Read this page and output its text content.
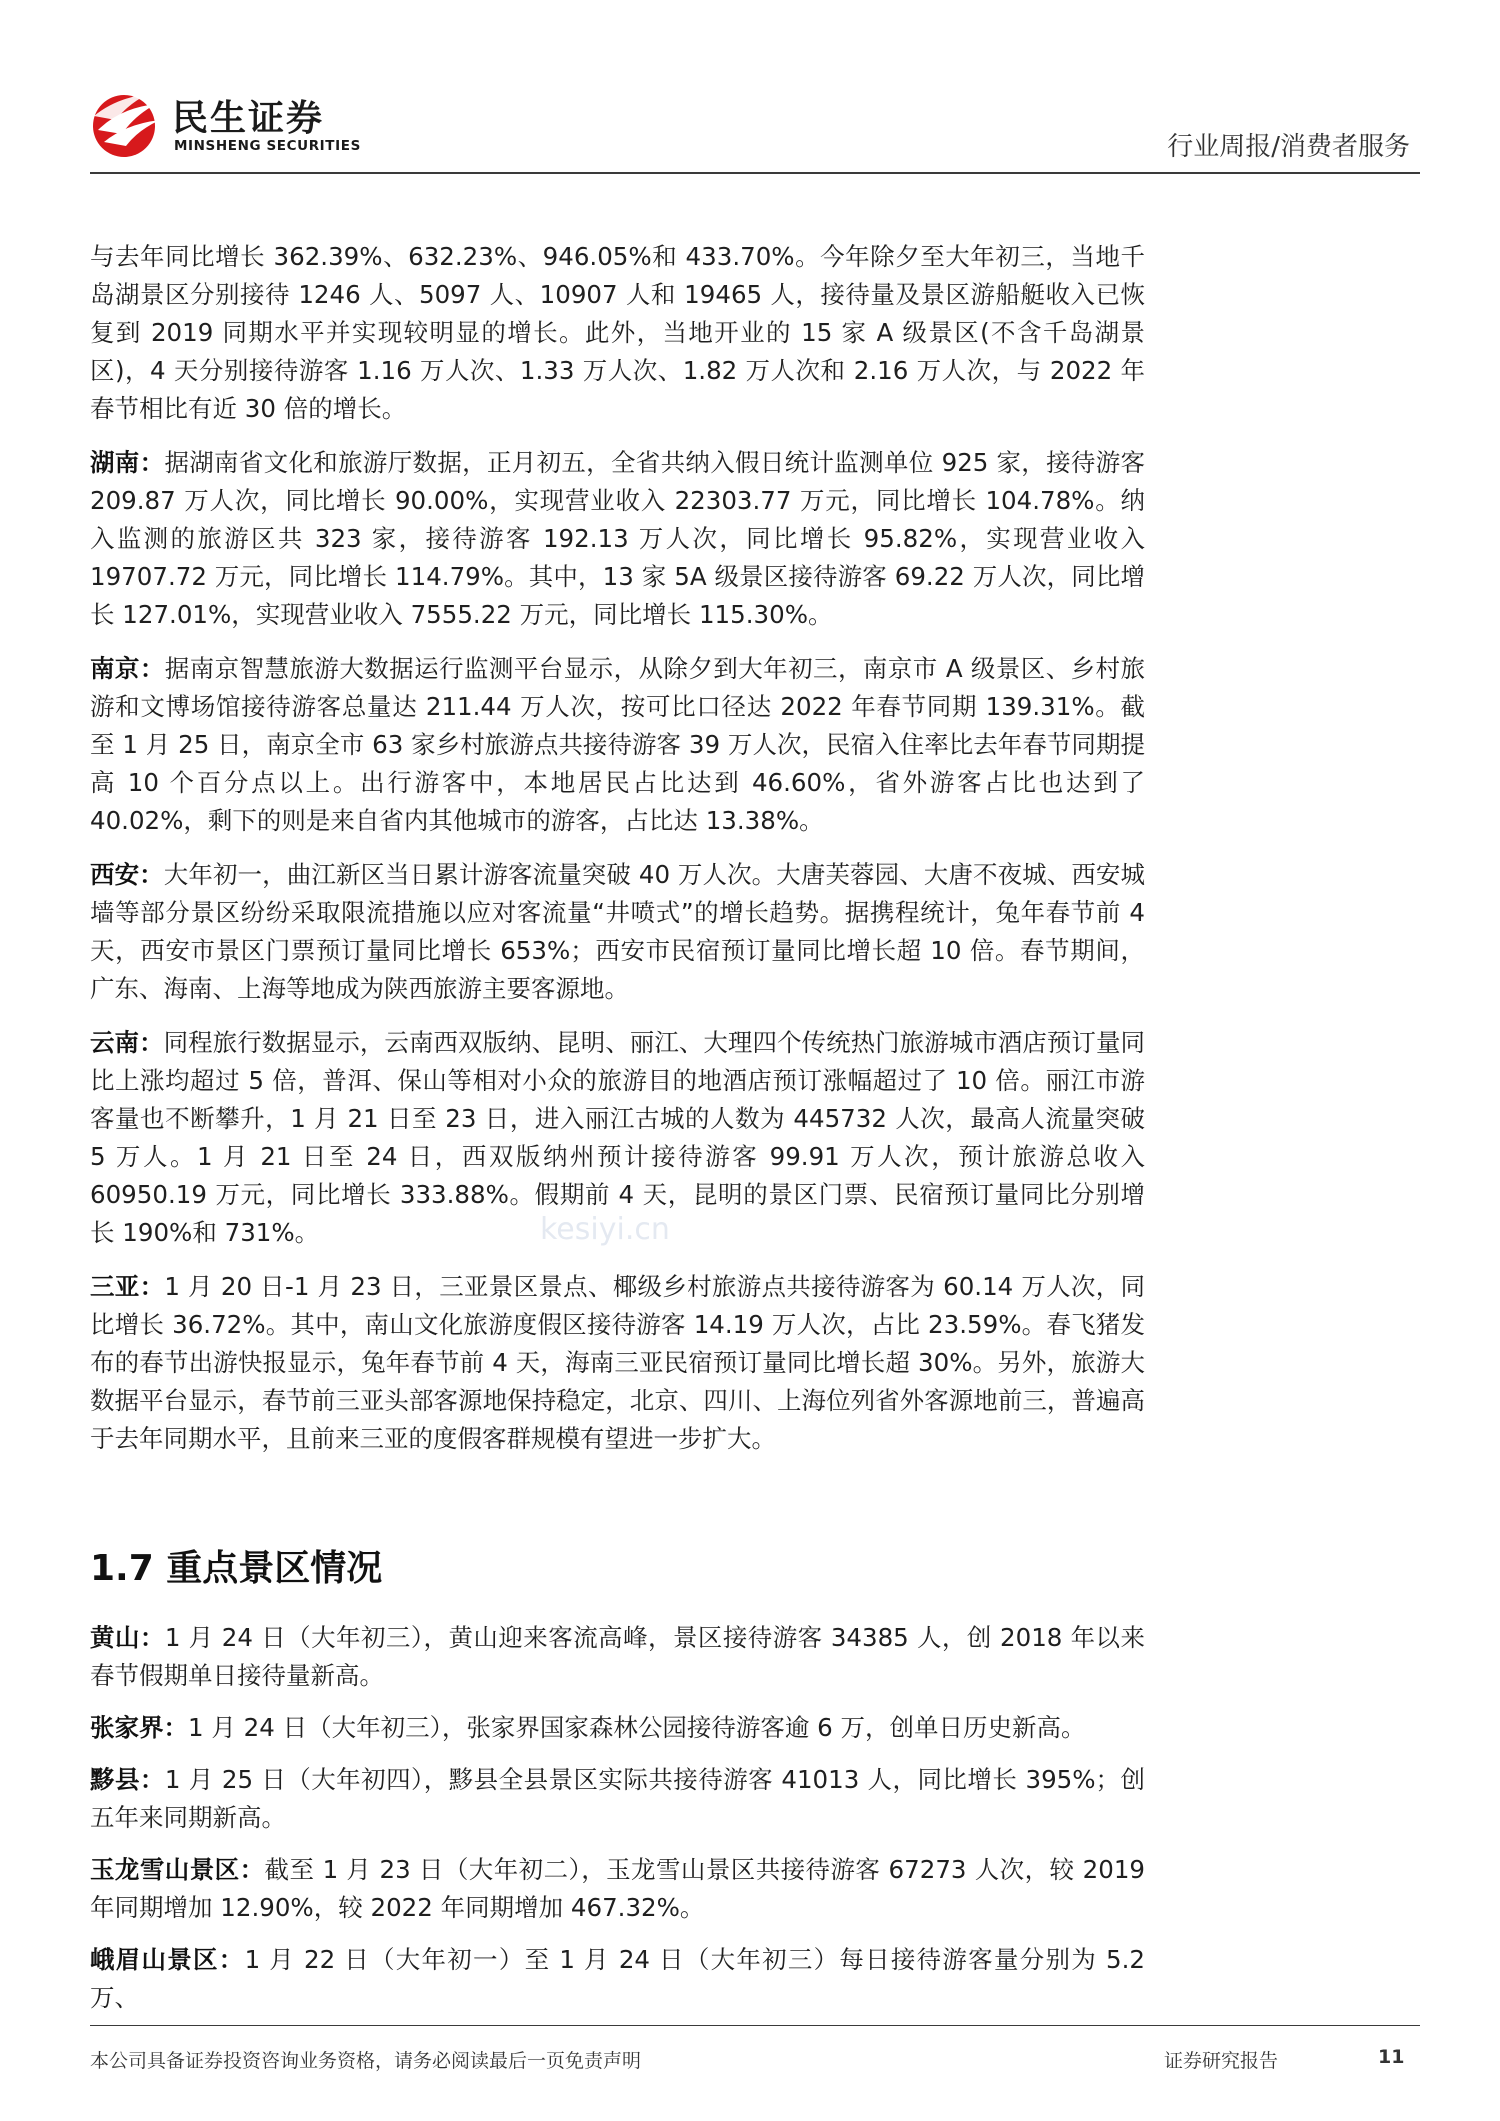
民生证券
MINSHENG SECURITIES	行业周报/消费者服务
kesiyi.cn

与去年同比增长 362.39%、632.23%、946.05%和 433.70%。今年除夕至大年初三，当地千岛湖景区分别接待 1246 人、5097 人、10907 人和 19465 人，接待量及景区游船艇收入已恢复到 2019 同期水平并实现较明显的增长。此外，当地开业的 15 家 A 级景区(不含千岛湖景区)，4 天分别接待游客 1.16 万人次、1.33 万人次、1.82 万人次和 2.16 万人次，与 2022 年春节相比有近 30 倍的增长。

湖南：据湖南省文化和旅游厅数据，正月初五，全省共纳入假日统计监测单位 925 家，接待游客 209.87 万人次，同比增长 90.00%，实现营业收入 22303.77 万元，同比增长 104.78%。纳入监测的旅游区共 323 家，接待游客 192.13 万人次，同比增长 95.82%，实现营业收入 19707.72 万元，同比增长 114.79%。其中，13 家 5A 级景区接待游客 69.22 万人次，同比增长 127.01%，实现营业收入 7555.22 万元，同比增长 115.30%。

南京：据南京智慧旅游大数据运行监测平台显示，从除夕到大年初三，南京市 A 级景区、乡村旅游和文博场馆接待游客总量达 211.44 万人次，按可比口径达 2022 年春节同期 139.31%。截至 1 月 25 日，南京全市 63 家乡村旅游点共接待游客 39 万人次，民宿入住率比去年春节同期提高 10 个百分点以上。出行游客中，本地居民占比达到 46.60%，省外游客占比也达到了 40.02%，剩下的则是来自省内其他城市的游客，占比达 13.38%。

西安：大年初一，曲江新区当日累计游客流量突破 40 万人次。大唐芙蓉园、大唐不夜城、西安城墙等部分景区纷纷采取限流措施以应对客流量“井喷式”的增长趋势。据携程统计，兔年春节前 4 天，西安市景区门票预订量同比增长 653%；西安市民宿预订量同比增长超 10 倍。春节期间，广东、海南、上海等地成为陕西旅游主要客源地。

云南：同程旅行数据显示，云南西双版纳、昆明、丽江、大理四个传统热门旅游城市酒店预订量同比上涨均超过 5 倍，普洱、保山等相对小众的旅游目的地酒店预订涨幅超过了 10 倍。丽江市游客量也不断攀升，1 月 21 日至 23 日，进入丽江古城的人数为 445732 人次，最高人流量突破 5 万人。1 月 21 日至 24 日，西双版纳州预计接待游客 99.91 万人次，预计旅游总收入 60950.19 万元，同比增长 333.88%。假期前 4 天，昆明的景区门票、民宿预订量同比分别增长 190%和 731%。

三亚：1 月 20 日-1 月 23 日，三亚景区景点、椰级乡村旅游点共接待游客为 60.14 万人次，同比增长 36.72%。其中，南山文化旅游度假区接待游客 14.19 万人次，占比 23.59%。春飞猪发布的春节出游快报显示，兔年春节前 4 天，海南三亚民宿预订量同比增长超 30%。另外，旅游大数据平台显示，春节前三亚头部客源地保持稳定，北京、四川、上海位列省外客源地前三，普遍高于去年同期水平，且前来三亚的度假客群规模有望进一步扩大。

1.7 重点景区情况

黄山：1 月 24 日（大年初三），黄山迎来客流高峰，景区接待游客 34385 人，创 2018 年以来春节假期单日接待量新高。

张家界：1 月 24 日（大年初三），张家界国家森林公园接待游客逾 6 万，创单日历史新高。

黟县：1 月 25 日（大年初四），黟县全县景区实际共接待游客 41013 人，同比增长 395%；创五年来同期新高。

玉龙雪山景区：截至 1 月 23 日（大年初二），玉龙雪山景区共接待游客 67273 人次，较 2019 年同期增加 12.90%，较 2022 年同期增加 467.32%。

峨眉山景区：1 月 22 日（大年初一）至 1 月 24 日（大年初三）每日接待游客量分别为 5.2 万、

本公司具备证券投资咨询业务资格，请务必阅读最后一页免责声明	证券研究报告	11
